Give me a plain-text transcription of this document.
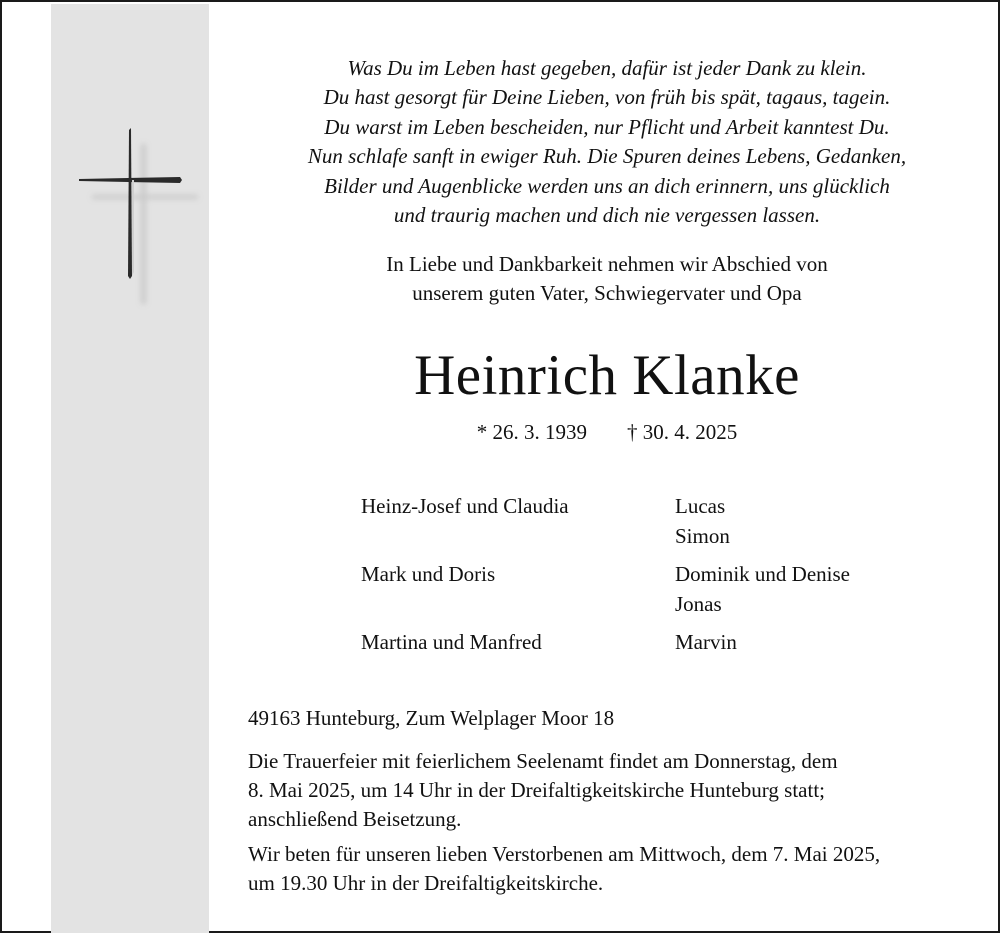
Was Du im Leben hast gegeben, dafür ist jeder Dank zu klein.
Du hast gesorgt für Deine Lieben, von früh bis spät, tagaus, tagein.
Du warst im Leben bescheiden, nur Pflicht und Arbeit kanntest Du.
Nun schlafe sanft in ewiger Ruh. Die Spuren deines Lebens, Gedanken,
Bilder und Augenblicke werden uns an dich erinnern, uns glücklich
und traurig machen und dich nie vergessen lassen.
In Liebe und Dankbarkeit nehmen wir Abschied von
unserem guten Vater, Schwiegervater und Opa
Heinrich Klanke
* 26. 3. 1939 † 30. 4. 2025
Heinz-Josef und Claudia	Lucas
Simon
Mark und Doris	Dominik und Denise
Jonas
Martina und Manfred	Marvin
49163 Hunteburg, Zum Welplager Moor 18
Die Trauerfeier mit feierlichem Seelenamt findet am Donnerstag, dem
8. Mai 2025, um 14 Uhr in der Dreifaltigkeitskirche Hunteburg statt;
anschließend Beisetzung.
Wir beten für unseren lieben Verstorbenen am Mittwoch, dem 7. Mai 2025,
um 19.30 Uhr in der Dreifaltigkeitskirche.
